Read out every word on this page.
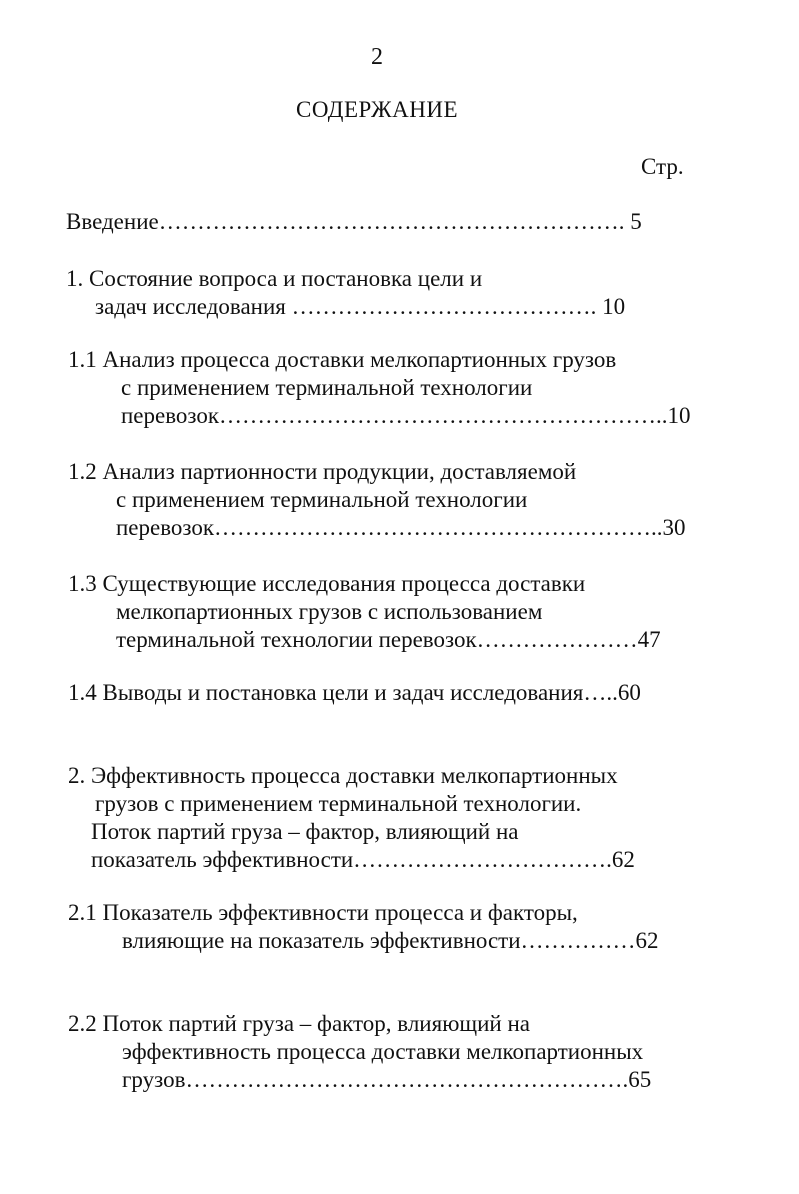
2
СОДЕРЖАНИЕ
Стр.
Введение……………………………………………………. 5
1. Состояние вопроса и постановка цели и
задач исследования …………………………………. 10
1.1 Анализ процесса доставки мелкопартионных грузов
с применением терминальной технологии
перевозок…………………………………………………..10
1.2 Анализ партионности продукции, доставляемой
с применением терминальной технологии
перевозок…………………………………………………..30
1.3 Существующие исследования процесса доставки
мелкопартионных грузов с использованием
терминальной технологии перевозок…………………47
1.4 Выводы и постановка цели и задач исследования…..60
2. Эффективность процесса доставки мелкопартионных
грузов с применением терминальной технологии.
Поток партий груза – фактор, влияющий на
показатель эффективности…………………………….62
2.1 Показатель эффективности процесса и факторы,
влияющие на показатель эффективности……………62
2.2 Поток партий груза – фактор, влияющий на
эффективность процесса доставки мелкопартионных
грузов………………………………………………….65
